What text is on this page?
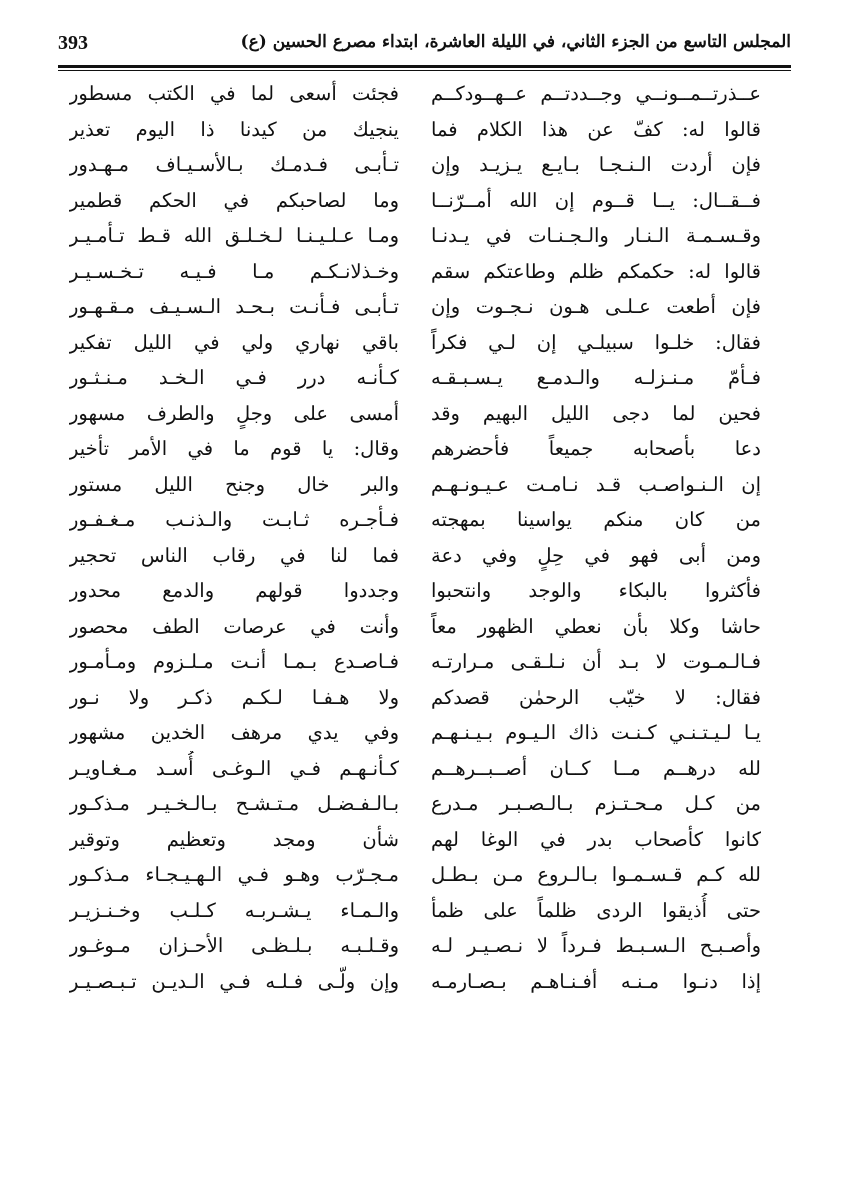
393	المجلس التاسع من الجزء الثاني، في الليلة العاشرة، ابتداء مصرع الحسين (ع)
عــذرتــمــونــي وجــددتــم عــهــودكــم
قالوا له: كفّ عن هذا الكلام فما
فإن أردت الـنـجـا بـايـع يـزيـد وإن
فــقــال: يــا قــوم إن الله أمــرّنــا
وقـسـمـة الـنـار والـجـنـات في يـدنـا
قالوا له: حكمكم ظلم وطاعتكم سقم
فإن أطعت عـلـى هـون نـجـوت وإن
فقال: خلـوا سبيلـي إن لـي فكراً
فـأمّ مـنـزلـه والـدمـع يـسـبـقـه
فحين لما دجى الليل البهيم وقد
دعا بأصحابه جميعاً فأحضرهم
إن الـنـواصـب قـد نـامـت عـيـونـهـم
من كان منكم يواسينا بمهجته
ومن أبى فهو في حِلٍ وفي دعة
فأكثروا بالبكاء والوجد وانتحبوا
حاشا وكلا بأن نعطي الظهور معاً
فـالـمـوت لا بـد أن نـلـقـى مـرارتـه
فقال: لا خيّب الرحمٰن قصدكم
يـا لـيـتـنـي كـنـت ذاك الـيـوم بـيـنـهـم
لله درهــم مــا كــان أصــبــرهــم
من كـل مـحـتـزم بـالـصـبـر مـدرع
كانوا كأصحاب بدر في الوغا لهم
لله كـم قـسـمـوا بـالـروع مـن بـطـل
حتى أُذيقوا الردى ظلماً على ظمأ
وأصـبـح الـسـبـط فـرداً لا نـصـيـر لـه
إذا دنـوا مـنـه أفـنـاهـم بـصـارمـه
فجئت أسعى لما في الكتب مسطور
ينجيك من كيدنا ذا اليوم تعذير
تـأبـى فـدمـك بـالأسـيـاف مـهـدور
وما لصاحبكم في الحكم قطمير
ومـا عـلـيـنـا لـخـلـق الله قـط تـأمـيـر
وخـذلانـكـم مـا فـيـه تـخـسـيـر
تـأبـى فـأنـت بـحـد الـسـيـف مـقـهـور
باقي نهاري ولي في الليل تفكير
كـأنـه درر فـي الـخـد مـنـثـور
أمسى على وجلٍ والطرف مسهور
وقال: يا قوم ما في الأمر تأخير
والبر خال وجنح الليل مستور
فـأجـره ثـابـت والـذنـب مـغـفـور
فما لنا في رقاب الناس تحجير
وجددوا قولهم والدمع محدور
وأنت في عرصات الطف محصور
فـاصـدع بـمـا أنـت مـلـزوم ومـأمـور
ولا هـفـا لـكـم ذكـر ولا نـور
وفي يدي مرهف الخدين مشهور
كـأنـهـم فـي الـوغـى أُسـد مـغـاويـر
بـالـفـضـل مـتـشـح بـالـخـيـر مـذكـور
شأن ومجد وتعظيم وتوقير
مـجـرّب وهـو فـي الـهـيـجـاء مـذكـور
والـمـاء يـشـربـه كـلـب وخـنـزيـر
وقـلـبـه بـلـظـى الأحـزان مـوغـور
وإن ولّـى فـلـه فـي الـديـن تـبـصـيـر
